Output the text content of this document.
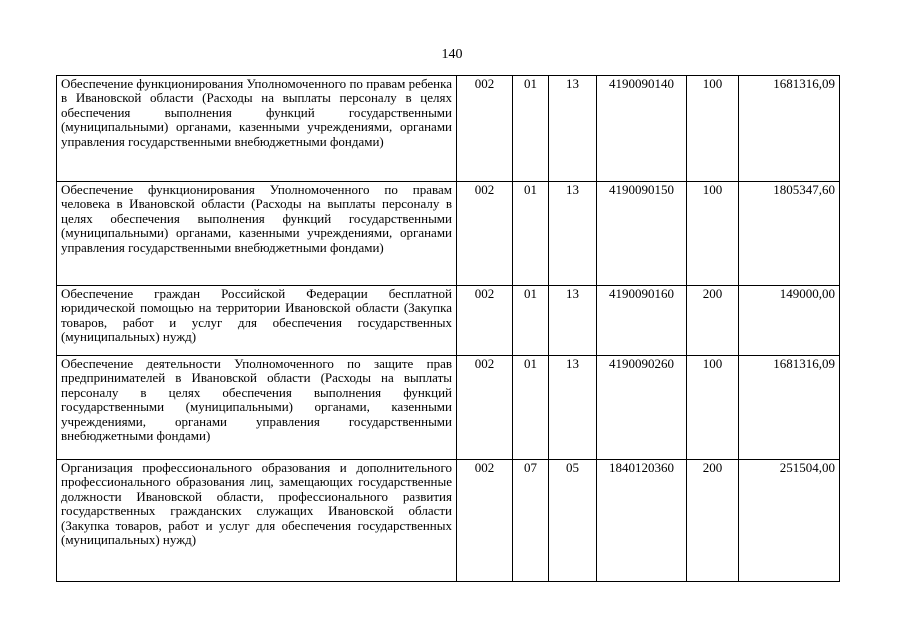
140
Обеспечение функционирования Уполномоченного по правам ребенка в Ивановской области (Расходы на выплаты персоналу в целях обеспечения выполнения функций государственными (муниципальными) органами, казенными учреждениями, органами управления государственными внебюджетными фондами)	002	01	13	4190090140	100	1681316,09
Обеспечение функционирования Уполномоченного по правам человека в Ивановской области (Расходы на выплаты персоналу в целях обеспечения выполнения функций государственными (муниципальными) органами, казенными учреждениями, органами управления государственными внебюджетными фондами)	002	01	13	4190090150	100	1805347,60
Обеспечение граждан Российской Федерации бесплатной юридической помощью на территории Ивановской области (Закупка товаров, работ и услуг для обеспечения государственных (муниципальных) нужд)	002	01	13	4190090160	200	149000,00
Обеспечение деятельности Уполномоченного по защите прав предпринимателей в Ивановской области (Расходы на выплаты персоналу в целях обеспечения выполнения функций государственными (муниципальными) органами, казенными учреждениями, органами управления государственными внебюджетными фондами)	002	01	13	4190090260	100	1681316,09
Организация профессионального образования и дополнительного профессионального образования лиц, замещающих государственные должности Ивановской области, профессионального развития государственных гражданских служащих Ивановской области (Закупка товаров, работ и услуг для обеспечения государственных (муниципальных) нужд)	002	07	05	1840120360	200	251504,00
